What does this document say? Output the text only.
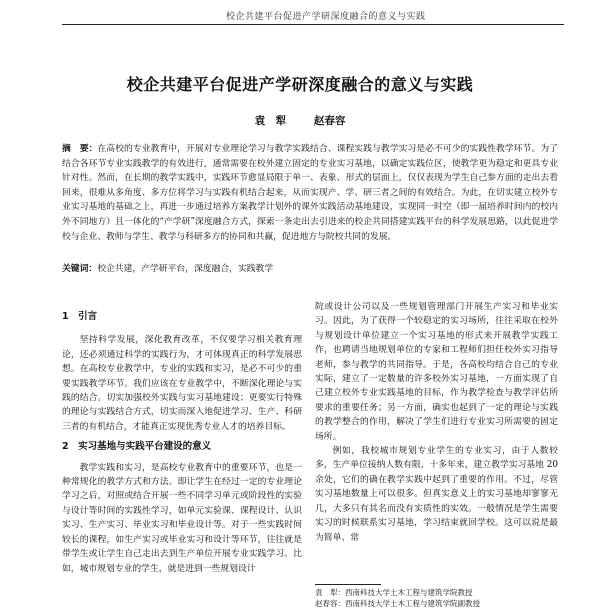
校企共建平台促进产学研深度融合的意义与实践
校企共建平台促进产学研深度融合的意义与实践
袁　犁	赵春容
摘　要：在高校的专业教育中，开展对专业理论学习与教学实践结合、课程实践与教学实习是必不可少的实践性教学环节。为了结合各环节专业实践教学的有效进行，通常需要在校外建立固定的专业实习基地，以确定实践位区，使教学更为稳定和更具专业针对性。然而，在长期的教学实践中，实践环节愈显局限于单一、表象、形式的层面上，仅仅表现为学生自己参方面的走出去看回来，很难从多角度、多方位将学习与实践有机结合起来，从而实现产、学、研三者之间的有效结合。为此，在切实建立校外专业实习基地的基础之上，再进一步通过培养方案教学计划外的课外实践活动基地建设，实现同一时空（即一届培养时间内的校内外不同地方）且一体化的“产学研”深度融合方式，探索一条走出去引进来的校企共同搭建实践平台的科学发展思路，以此促进学校与企业、教师与学生、教学与科研多方的协同和共赢，促进地方与院校共同的发展。
关键词：校企共建，产学研平台，深度融合，实践教学
1　引言

坚持科学发展，深化教育改革，不仅要学习相关教育理论，还必须通过科学的实践行为，才可体现真正的科学发展思想。在高校专业教学中，专业的实践和实习，是必不可少的重要实践教学环节。我们应该在专业教学中，不断深化理论与实践的结合。切实加强校外实践与实习基地建设；更要实行特殊的理论与实践结合方式，切实而深入地促进学习、生产、科研三者的有机结合，才能真正实现优秀专业人才的培养目标。

2　实习基地与实践平台建设的意义

教学实践和实习，是高校专业教育中的重要环节，也是一种常规化的教学方式和方法。即让学生在经过一定的专业理论学习之后，对照或结合开展一些不同学习单元或阶段性的实验与设计等时间的实践性学习，如单元实验课、课程设计、认识实习、生产实习、毕业实习和毕业设计等。对于一些实践时间较长的课程，如生产实习或毕业实习和设计等环节，往往就是带学生或让学生自己走出去到生产单位开展专业实践学习。比如，城市规划专业的学生，就是进到一些规划设计

院或设计公司以及一些规划管理部门开展生产实习和毕业实习。因此，为了获得一个较稳定的实习场所，往往采取在校外与规划设计单位建立一个实习基地的形式来开展教学实践工作，也聘请当地规划单位的专家和工程师们担任校外实习指导老师，参与教学的共同指导。于是，各高校均结合自己的专业实际，建立了一定数量的许多校外实习基地，一方面实现了自己建立校外专业实践基地的目标，作为教学检查与教学评估所要求的重要任务；另一方面，确实也起到了一定的理论与实践的教学整合的作用，解决了学生们进行专业实习所需要的固定场所。

例如，我校城市规划专业学生的专业实习，由于人数较多，生产单位接纳人数有限，十多年来，建立教学实习基地 20 余处，它们的确在教学实践中起到了重要的作用。不过，尽管实习基地数量上可以很多。但真实意义上的实习基地却寥寥无几，大多只有其名而没有实质性的实效。一般情况是学生需要实习的时候联系实习基地，学习结束就回学校。这可以说是最为简单、常

袁　犁：西南科技大学土木工程与建筑学院教授
赵春容：西南科技大学土木工程与建筑学院副教授
